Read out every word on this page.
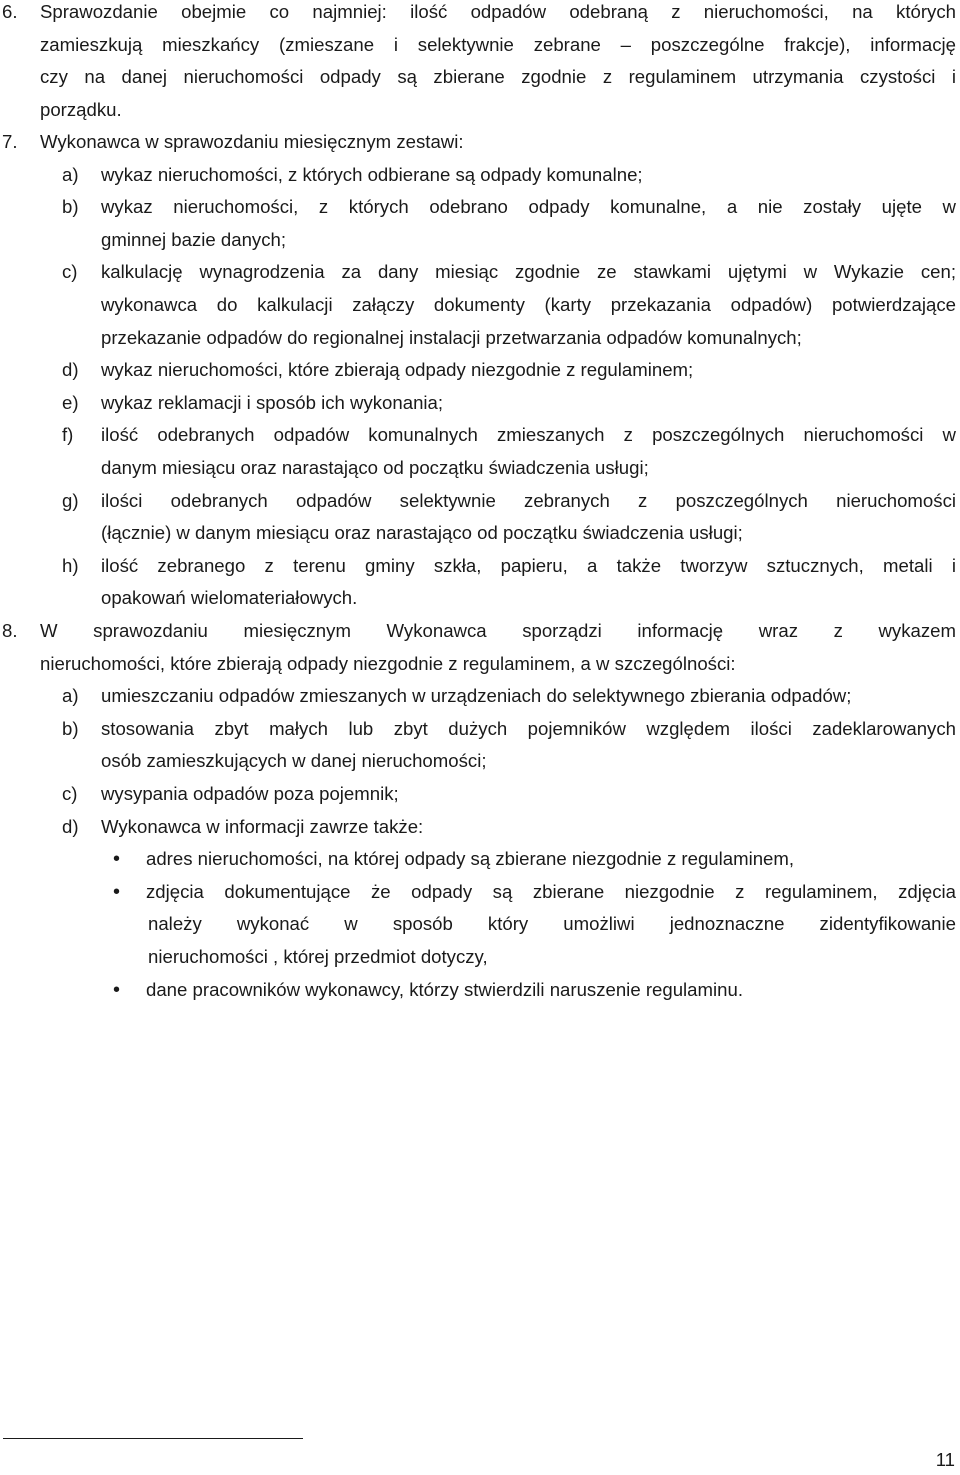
6. Sprawozdanie obejmie co najmniej: ilość odpadów odebraną z nieruchomości, na których
zamieszkują mieszkańcy (zmieszane i selektywnie zebrane – poszczególne frakcje), informację
czy na danej nieruchomości odpady są zbierane zgodnie z regulaminem utrzymania czystości i
porządku.
7. Wykonawca w sprawozdaniu miesięcznym zestawi:
a) wykaz nieruchomości, z których odbierane są odpady komunalne;
b) wykaz nieruchomości, z których odebrano odpady komunalne, a nie zostały ujęte w
gminnej bazie danych;
c) kalkulację wynagrodzenia za dany miesiąc zgodnie ze stawkami ujętymi w Wykazie cen;
wykonawca do kalkulacji załączy dokumenty (karty przekazania odpadów) potwierdzające
przekazanie odpadów do regionalnej instalacji przetwarzania odpadów komunalnych;
d) wykaz nieruchomości, które zbierają odpady niezgodnie z regulaminem;
e) wykaz reklamacji i sposób ich wykonania;
f) ilość odebranych odpadów komunalnych zmieszanych z poszczególnych nieruchomości w
danym miesiącu oraz narastająco od początku świadczenia usługi;
g) ilości odebranych odpadów selektywnie zebranych z poszczególnych nieruchomości
(łącznie) w danym miesiącu oraz narastająco od początku świadczenia usługi;
h) ilość zebranego z terenu gminy szkła, papieru, a także tworzyw sztucznych, metali i
opakowań wielomateriałowych.
8. W sprawozdaniu miesięcznym Wykonawca sporządzi informację wraz z wykazem
nieruchomości, które zbierają odpady niezgodnie z regulaminem, a w szczególności:
a) umieszczaniu odpadów zmieszanych w urządzeniach do selektywnego zbierania odpadów;
b) stosowania zbyt małych lub zbyt dużych pojemników względem ilości zadeklarowanych
osób zamieszkujących w danej nieruchomości;
c) wysypania odpadów poza pojemnik;
d) Wykonawca w informacji zawrze także:
• adres nieruchomości, na której odpady są zbierane niezgodnie z regulaminem,
• zdjęcia dokumentujące że odpady są zbierane niezgodnie z regulaminem, zdjęcia
należy wykonać w sposób który umożliwi jednoznaczne zidentyfikowanie
nieruchomości , której przedmiot dotyczy,
• dane pracowników wykonawcy, którzy stwierdzili naruszenie regulaminu.
11
